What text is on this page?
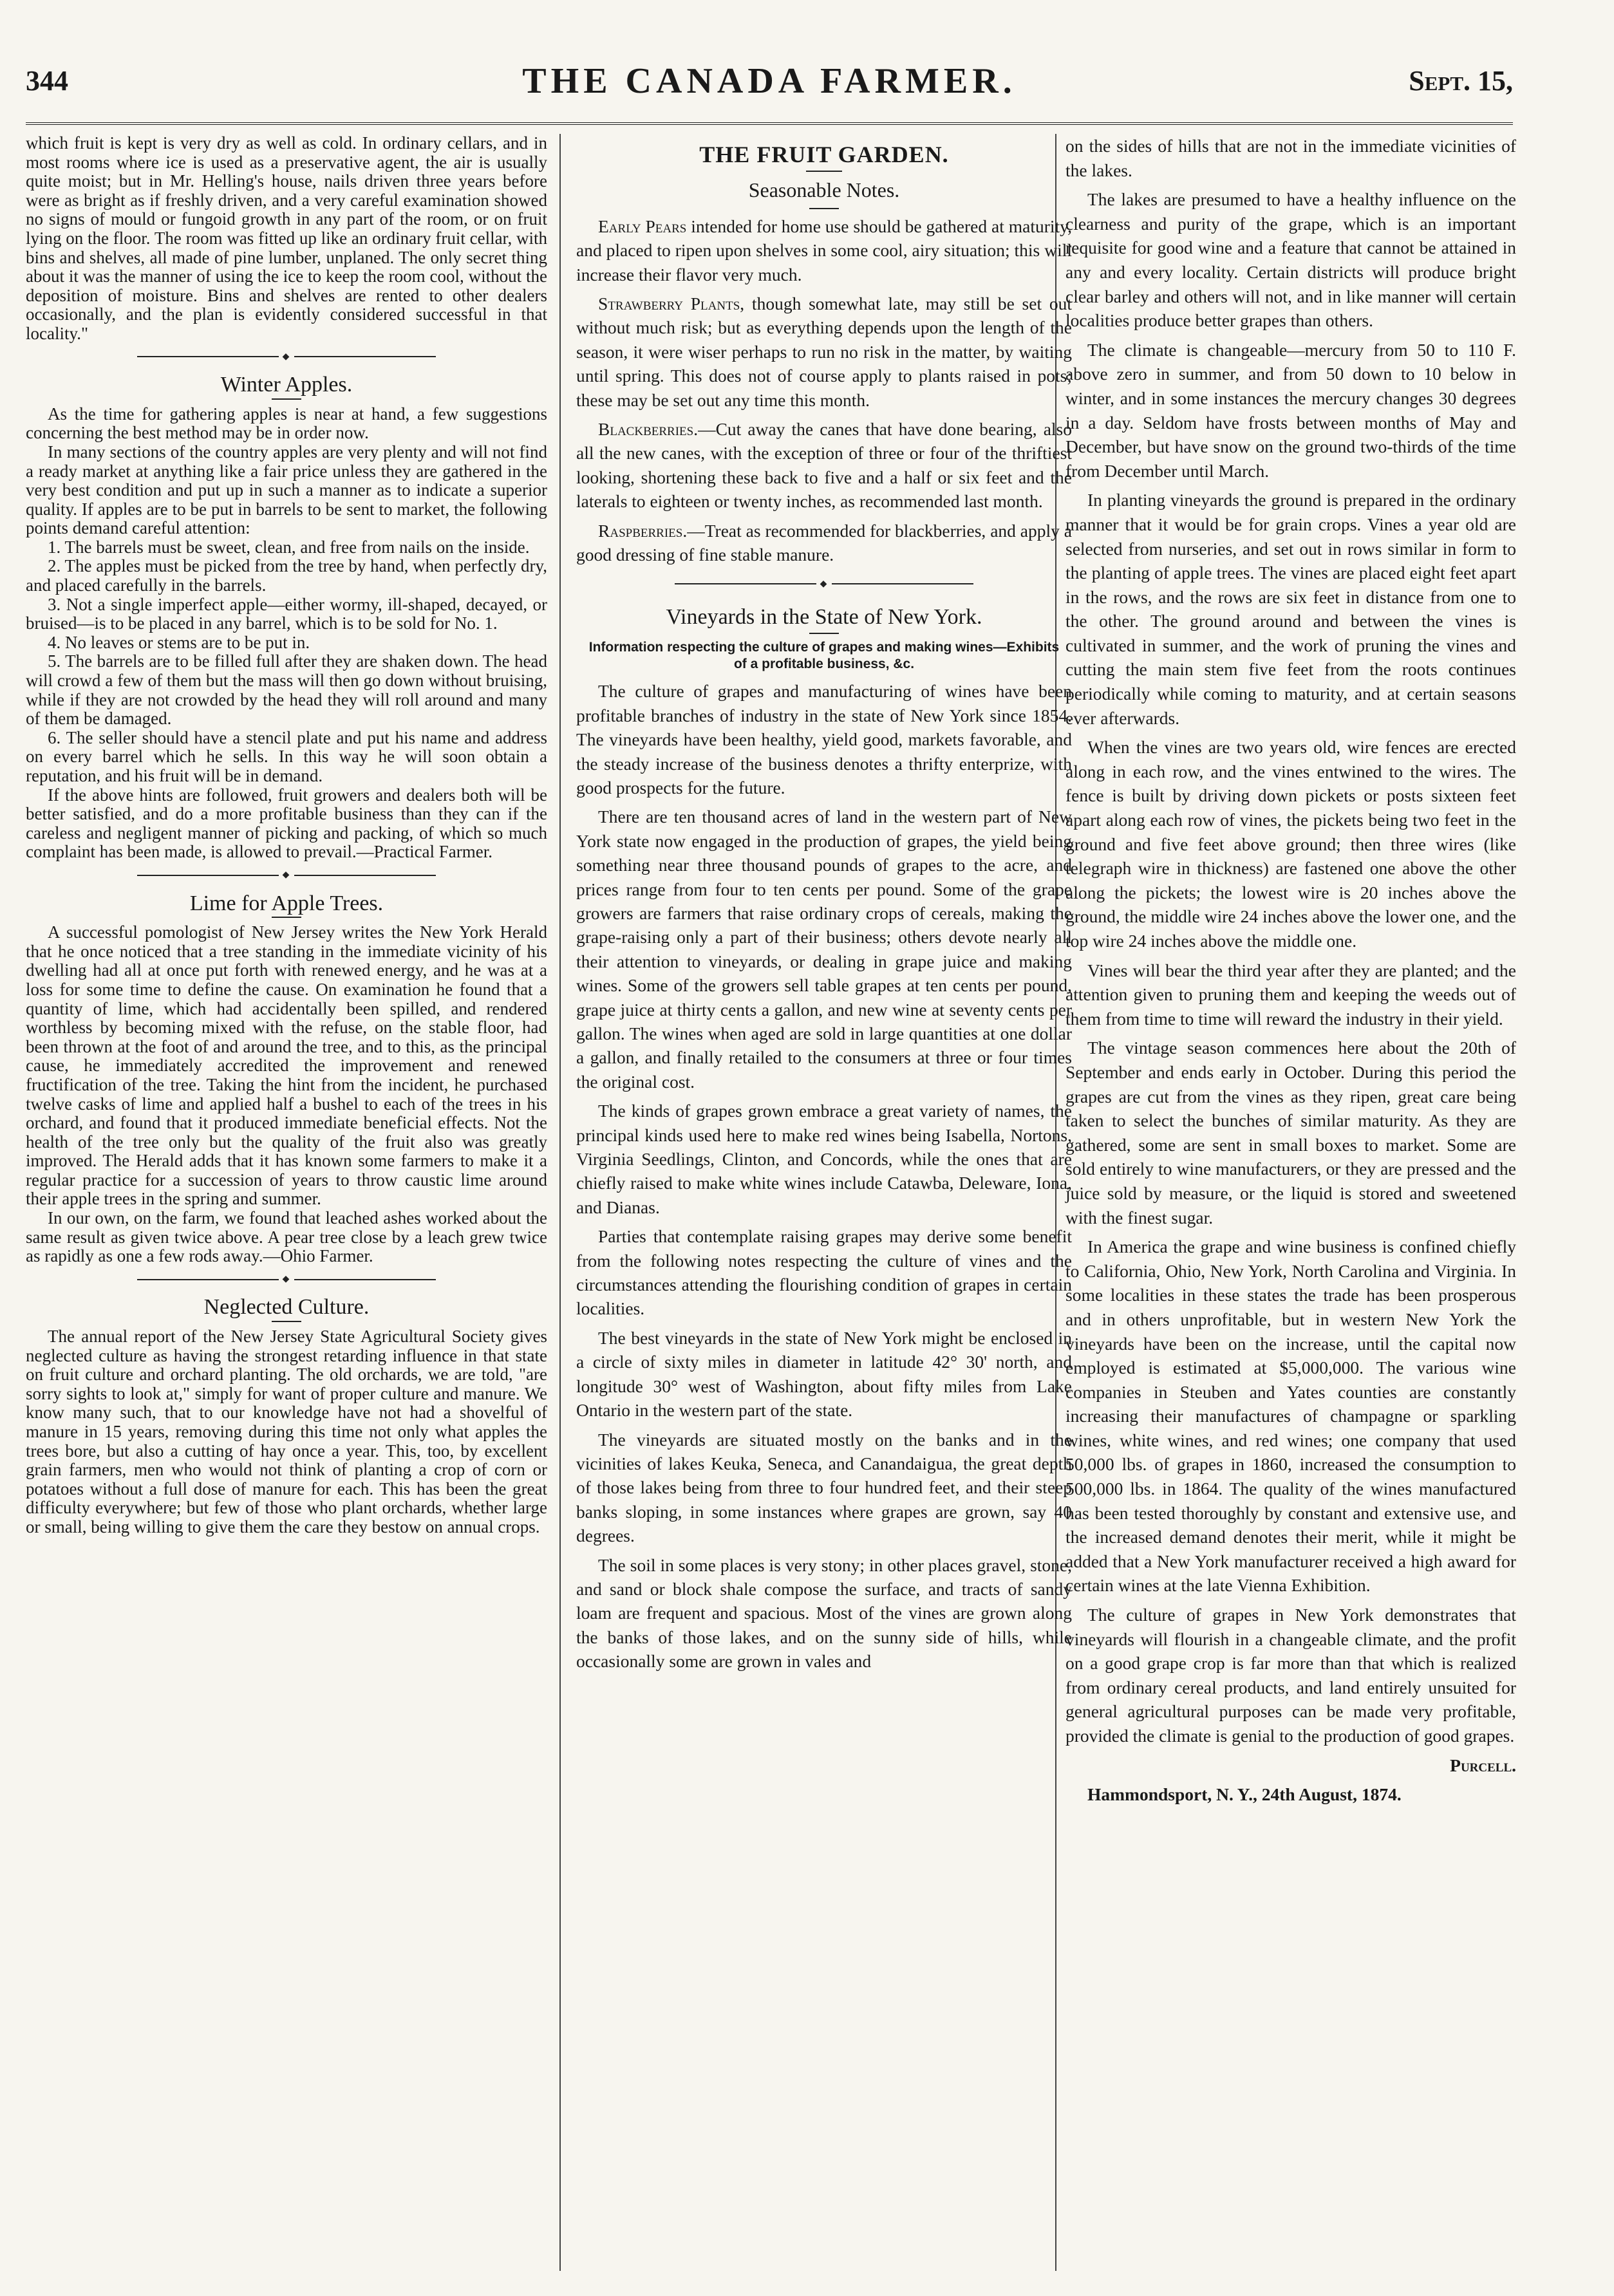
344	THE CANADA FARMER.	Sept. 15,

which fruit is kept is very dry as well as cold. In ordinary cellars, and in most rooms where ice is used as a preservative agent, the air is usually quite moist; but in Mr. Helling's house, nails driven three years before were as bright as if freshly driven, and a very careful examination showed no signs of mould or fungoid growth in any part of the room, or on fruit lying on the floor. The room was fitted up like an ordinary fruit cellar, with bins and shelves, all made of pine lumber, unplaned. The only secret thing about it was the manner of using the ice to keep the room cool, without the deposition of moisture. Bins and shelves are rented to other dealers occasionally, and the plan is evidently considered successful in that locality."

◆
Winter Apples.

As the time for gathering apples is near at hand, a few suggestions concerning the best method may be in order now.

In many sections of the country apples are very plenty and will not find a ready market at anything like a fair price unless they are gathered in the very best condition and put up in such a manner as to indicate a superior quality. If apples are to be put in barrels to be sent to market, the following points demand careful attention:

1. The barrels must be sweet, clean, and free from nails on the inside.

2. The apples must be picked from the tree by hand, when perfectly dry, and placed carefully in the barrels.

3. Not a single imperfect apple—either wormy, ill-shaped, decayed, or bruised—is to be placed in any barrel, which is to be sold for No. 1.

4. No leaves or stems are to be put in.

5. The barrels are to be filled full after they are shaken down. The head will crowd a few of them but the mass will then go down without bruising, while if they are not crowded by the head they will roll around and many of them be damaged.

6. The seller should have a stencil plate and put his name and address on every barrel which he sells. In this way he will soon obtain a reputation, and his fruit will be in demand.

If the above hints are followed, fruit growers and dealers both will be better satisfied, and do a more profitable business than they can if the careless and negligent manner of picking and packing, of which so much complaint has been made, is allowed to prevail.—Practical Farmer.

◆
Lime for Apple Trees.

A successful pomologist of New Jersey writes the New York Herald that he once noticed that a tree standing in the immediate vicinity of his dwelling had all at once put forth with renewed energy, and he was at a loss for some time to define the cause. On examination he found that a quantity of lime, which had accidentally been spilled, and rendered worthless by becoming mixed with the refuse, on the stable floor, had been thrown at the foot of and around the tree, and to this, as the principal cause, he immediately accredited the improvement and renewed fructification of the tree. Taking the hint from the incident, he purchased twelve casks of lime and applied half a bushel to each of the trees in his orchard, and found that it produced immediate beneficial effects. Not the health of the tree only but the quality of the fruit also was greatly improved. The Herald adds that it has known some farmers to make it a regular practice for a succession of years to throw caustic lime around their apple trees in the spring and summer.

In our own, on the farm, we found that leached ashes worked about the same result as given twice above. A pear tree close by a leach grew twice as rapidly as one a few rods away.—Ohio Farmer.

◆
Neglected Culture.

The annual report of the New Jersey State Agricultural Society gives neglected culture as having the strongest retarding influence in that state on fruit culture and orchard planting. The old orchards, we are told, "are sorry sights to look at," simply for want of proper culture and manure. We know many such, that to our knowledge have not had a shovelful of manure in 15 years, removing during this time not only what apples the trees bore, but also a cutting of hay once a year. This, too, by excellent grain farmers, men who would not think of planting a crop of corn or potatoes without a full dose of manure for each. This has been the great difficulty everywhere; but few of those who plant orchards, whether large or small, being willing to give them the care they bestow on annual crops.

THE FRUIT GARDEN.
Seasonable Notes.

Early Pears intended for home use should be gathered at maturity, and placed to ripen upon shelves in some cool, airy situation; this will increase their flavor very much.

Strawberry Plants, though somewhat late, may still be set out without much risk; but as everything depends upon the length of the season, it were wiser perhaps to run no risk in the matter, by waiting until spring. This does not of course apply to plants raised in pots; these may be set out any time this month.

Blackberries.—Cut away the canes that have done bearing, also all the new canes, with the exception of three or four of the thriftiest looking, shortening these back to five and a half or six feet and the laterals to eighteen or twenty inches, as recommended last month.

Raspberries.—Treat as recommended for blackberries, and apply a good dressing of fine stable manure.

◆
Vineyards in the State of New York.
Information respecting the culture of grapes and making wines—Exhibits of a profitable business, &c.

The culture of grapes and manufacturing of wines have been profitable branches of industry in the state of New York since 1854. The vineyards have been healthy, yield good, markets favorable, and the steady increase of the business denotes a thrifty enterprize, with good prospects for the future.

There are ten thousand acres of land in the western part of New York state now engaged in the production of grapes, the yield being something near three thousand pounds of grapes to the acre, and prices range from four to ten cents per pound. Some of the grape growers are farmers that raise ordinary crops of cereals, making the grape-raising only a part of their business; others devote nearly all their attention to vineyards, or dealing in grape juice and making wines. Some of the growers sell table grapes at ten cents per pound, grape juice at thirty cents a gallon, and new wine at seventy cents per gallon. The wines when aged are sold in large quantities at one dollar a gallon, and finally retailed to the consumers at three or four times the original cost.

The kinds of grapes grown embrace a great variety of names, the principal kinds used here to make red wines being Isabella, Nortons, Virginia Seedlings, Clinton, and Concords, while the ones that are chiefly raised to make white wines include Catawba, Deleware, Iona, and Dianas.

Parties that contemplate raising grapes may derive some benefit from the following notes respecting the culture of vines and the circumstances attending the flourishing condition of grapes in certain localities.

The best vineyards in the state of New York might be enclosed in a circle of sixty miles in diameter in latitude 42° 30' north, and longitude 30° west of Washington, about fifty miles from Lake Ontario in the western part of the state.

The vineyards are situated mostly on the banks and in the vicinities of lakes Keuka, Seneca, and Canandaigua, the great depth of those lakes being from three to four hundred feet, and their steep banks sloping, in some instances where grapes are grown, say 40 degrees.

The soil in some places is very stony; in other places gravel, stone, and sand or block shale compose the surface, and tracts of sandy loam are frequent and spacious. Most of the vines are grown along the banks of those lakes, and on the sunny side of hills, while occasionally some are grown in vales and

on the sides of hills that are not in the immediate vicinities of the lakes.

The lakes are presumed to have a healthy influence on the clearness and purity of the grape, which is an important requisite for good wine and a feature that cannot be attained in any and every locality. Certain districts will produce bright clear barley and others will not, and in like manner will certain localities produce better grapes than others.

The climate is changeable—mercury from 50 to 110 F. above zero in summer, and from 50 down to 10 below in winter, and in some instances the mercury changes 30 degrees in a day. Seldom have frosts between months of May and December, but have snow on the ground two-thirds of the time from December until March.

In planting vineyards the ground is prepared in the ordinary manner that it would be for grain crops. Vines a year old are selected from nurseries, and set out in rows similar in form to the planting of apple trees. The vines are placed eight feet apart in the rows, and the rows are six feet in distance from one to the other. The ground around and between the vines is cultivated in summer, and the work of pruning the vines and cutting the main stem five feet from the roots continues periodically while coming to maturity, and at certain seasons ever afterwards.

When the vines are two years old, wire fences are erected along in each row, and the vines entwined to the wires. The fence is built by driving down pickets or posts sixteen feet apart along each row of vines, the pickets being two feet in the ground and five feet above ground; then three wires (like telegraph wire in thickness) are fastened one above the other along the pickets; the lowest wire is 20 inches above the ground, the middle wire 24 inches above the lower one, and the top wire 24 inches above the middle one.

Vines will bear the third year after they are planted; and the attention given to pruning them and keeping the weeds out of them from time to time will reward the industry in their yield.

The vintage season commences here about the 20th of September and ends early in October. During this period the grapes are cut from the vines as they ripen, great care being taken to select the bunches of similar maturity. As they are gathered, some are sent in small boxes to market. Some are sold entirely to wine manufacturers, or they are pressed and the juice sold by measure, or the liquid is stored and sweetened with the finest sugar.

In America the grape and wine business is confined chiefly to California, Ohio, New York, North Carolina and Virginia. In some localities in these states the trade has been prosperous and in others unprofitable, but in western New York the vineyards have been on the increase, until the capital now employed is estimated at $5,000,000. The various wine companies in Steuben and Yates counties are constantly increasing their manufactures of champagne or sparkling wines, white wines, and red wines; one company that used 50,000 lbs. of grapes in 1860, increased the consumption to 500,000 lbs. in 1864. The quality of the wines manufactured has been tested thoroughly by constant and extensive use, and the increased demand denotes their merit, while it might be added that a New York manufacturer received a high award for certain wines at the late Vienna Exhibition.

The culture of grapes in New York demonstrates that vineyards will flourish in a changeable climate, and the profit on a good grape crop is far more than that which is realized from ordinary cereal products, and land entirely unsuited for general agricultural purposes can be made very profitable, provided the climate is genial to the production of good grapes.

Purcell.

Hammondsport, N. Y., 24th August, 1874.
